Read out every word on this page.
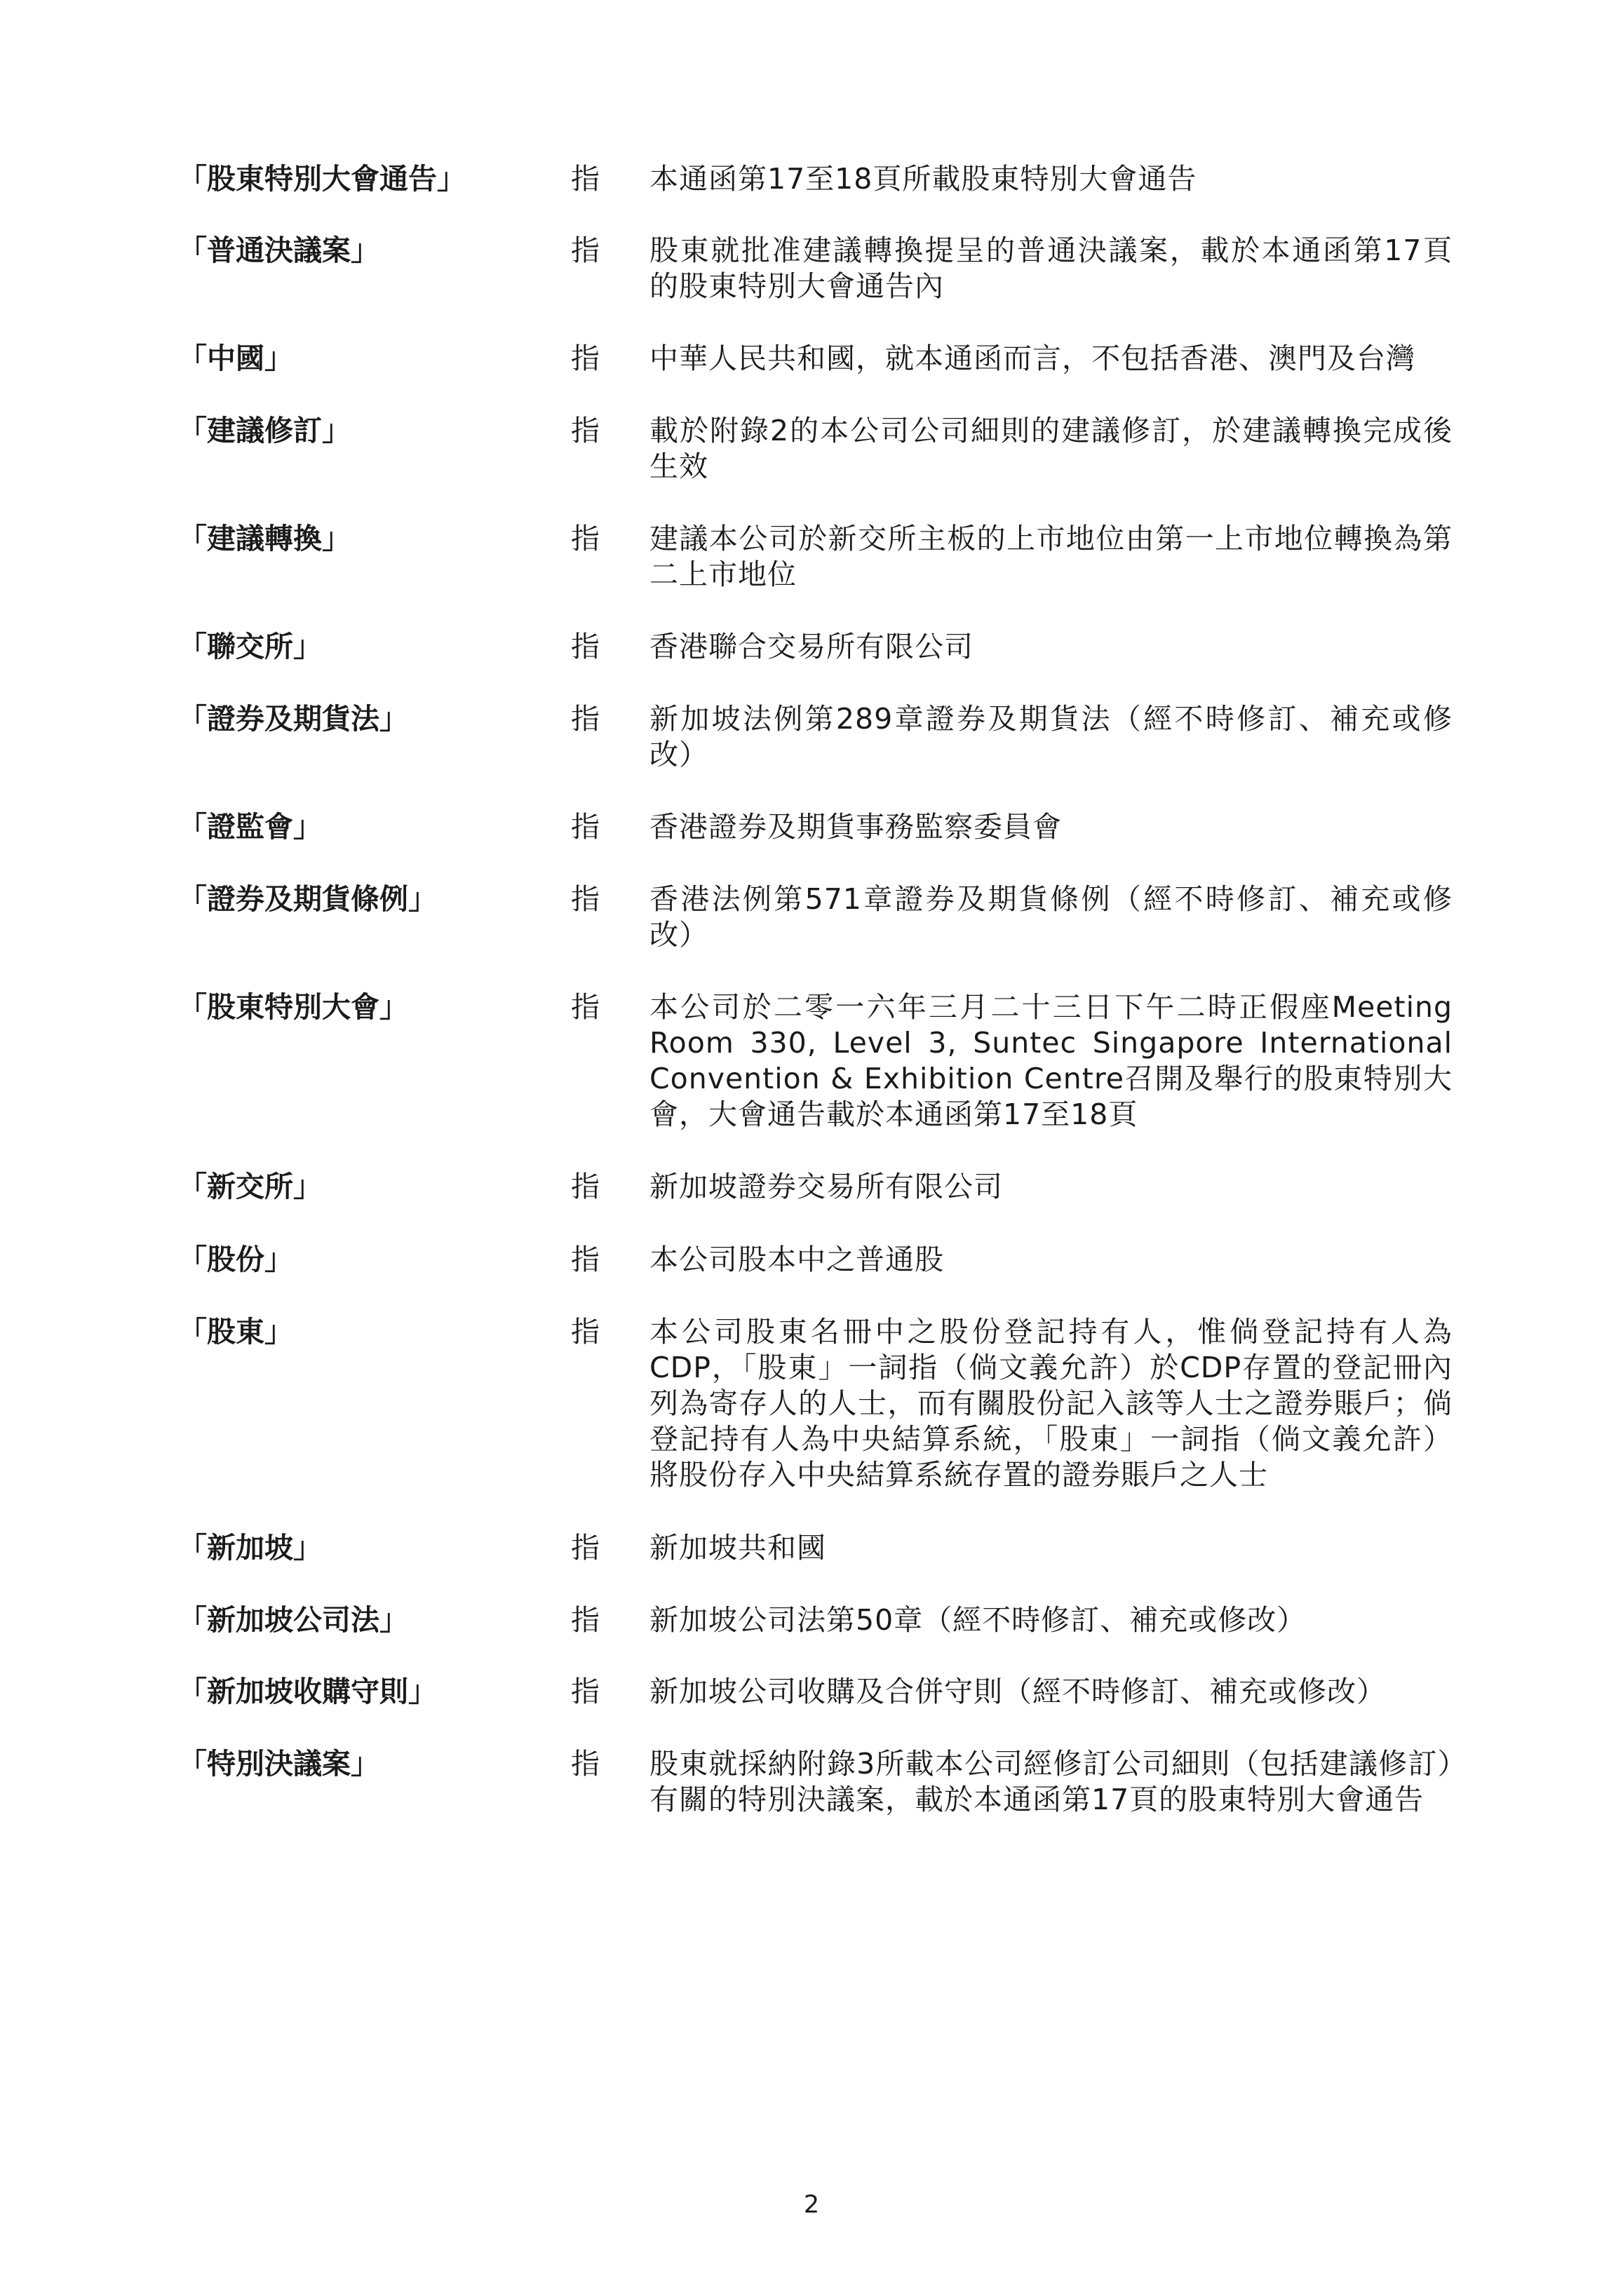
「股東特別大會通告」	指	本通函第17至18頁所載股東特別大會通告
「普通決議案」	指	股東就批准建議轉換提呈的普通決議案，載於本通函第17頁的股東特別大會通告內
「中國」	指	中華人民共和國，就本通函而言，不包括香港、澳門及台灣
「建議修訂」	指	載於附錄2的本公司公司細則的建議修訂，於建議轉換完成後生效
「建議轉換」	指	建議本公司於新交所主板的上市地位由第一上市地位轉換為第二上市地位
「聯交所」	指	香港聯合交易所有限公司
「證券及期貨法」	指	新加坡法例第289章證券及期貨法（經不時修訂、補充或修改）
「證監會」	指	香港證券及期貨事務監察委員會
「證券及期貨條例」	指	香港法例第571章證券及期貨條例（經不時修訂、補充或修改）
「股東特別大會」	指	本公司於二零一六年三月二十三日下午二時正假座Meeting Room 330, Level 3, Suntec Singapore International Convention & Exhibition Centre召開及舉行的股東特別大會，大會通告載於本通函第17至18頁
「新交所」	指	新加坡證券交易所有限公司
「股份」	指	本公司股本中之普通股
「股東」	指	本公司股東名冊中之股份登記持有人，惟倘登記持有人為CDP，「股東」一詞指（倘文義允許）於CDP存置的登記冊內列為寄存人的人士，而有關股份記入該等人士之證券賬戶；倘登記持有人為中央結算系統，「股東」一詞指（倘文義允許）將股份存入中央結算系統存置的證券賬戶之人士
「新加坡」	指	新加坡共和國
「新加坡公司法」	指	新加坡公司法第50章（經不時修訂、補充或修改）
「新加坡收購守則」	指	新加坡公司收購及合併守則（經不時修訂、補充或修改）
「特別決議案」	指	股東就採納附錄3所載本公司經修訂公司細則（包括建議修訂）有關的特別決議案，載於本通函第17頁的股東特別大會通告
2
